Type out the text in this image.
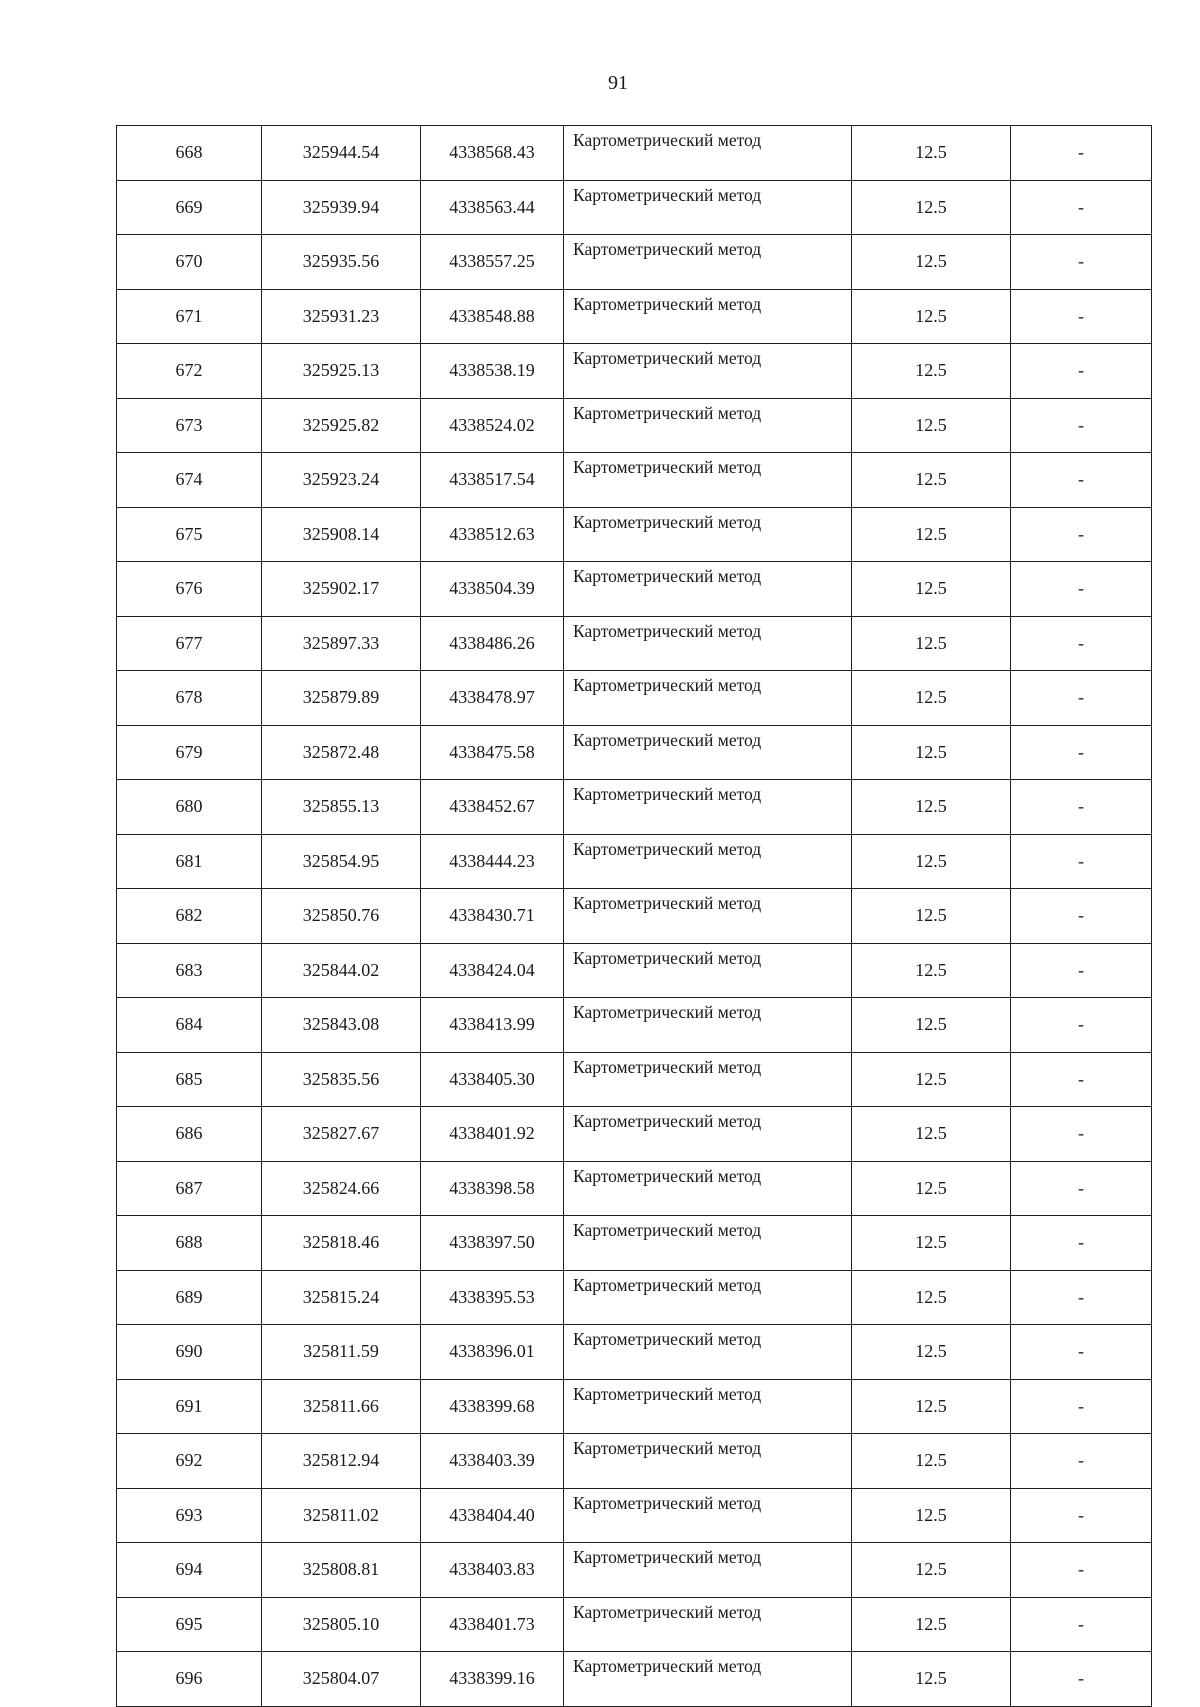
91
668	325944.54	4338568.43	Картометрический метод	12.5	-
669	325939.94	4338563.44	Картометрический метод	12.5	-
670	325935.56	4338557.25	Картометрический метод	12.5	-
671	325931.23	4338548.88	Картометрический метод	12.5	-
672	325925.13	4338538.19	Картометрический метод	12.5	-
673	325925.82	4338524.02	Картометрический метод	12.5	-
674	325923.24	4338517.54	Картометрический метод	12.5	-
675	325908.14	4338512.63	Картометрический метод	12.5	-
676	325902.17	4338504.39	Картометрический метод	12.5	-
677	325897.33	4338486.26	Картометрический метод	12.5	-
678	325879.89	4338478.97	Картометрический метод	12.5	-
679	325872.48	4338475.58	Картометрический метод	12.5	-
680	325855.13	4338452.67	Картометрический метод	12.5	-
681	325854.95	4338444.23	Картометрический метод	12.5	-
682	325850.76	4338430.71	Картометрический метод	12.5	-
683	325844.02	4338424.04	Картометрический метод	12.5	-
684	325843.08	4338413.99	Картометрический метод	12.5	-
685	325835.56	4338405.30	Картометрический метод	12.5	-
686	325827.67	4338401.92	Картометрический метод	12.5	-
687	325824.66	4338398.58	Картометрический метод	12.5	-
688	325818.46	4338397.50	Картометрический метод	12.5	-
689	325815.24	4338395.53	Картометрический метод	12.5	-
690	325811.59	4338396.01	Картометрический метод	12.5	-
691	325811.66	4338399.68	Картометрический метод	12.5	-
692	325812.94	4338403.39	Картометрический метод	12.5	-
693	325811.02	4338404.40	Картометрический метод	12.5	-
694	325808.81	4338403.83	Картометрический метод	12.5	-
695	325805.10	4338401.73	Картометрический метод	12.5	-
696	325804.07	4338399.16	Картометрический метод	12.5	-
